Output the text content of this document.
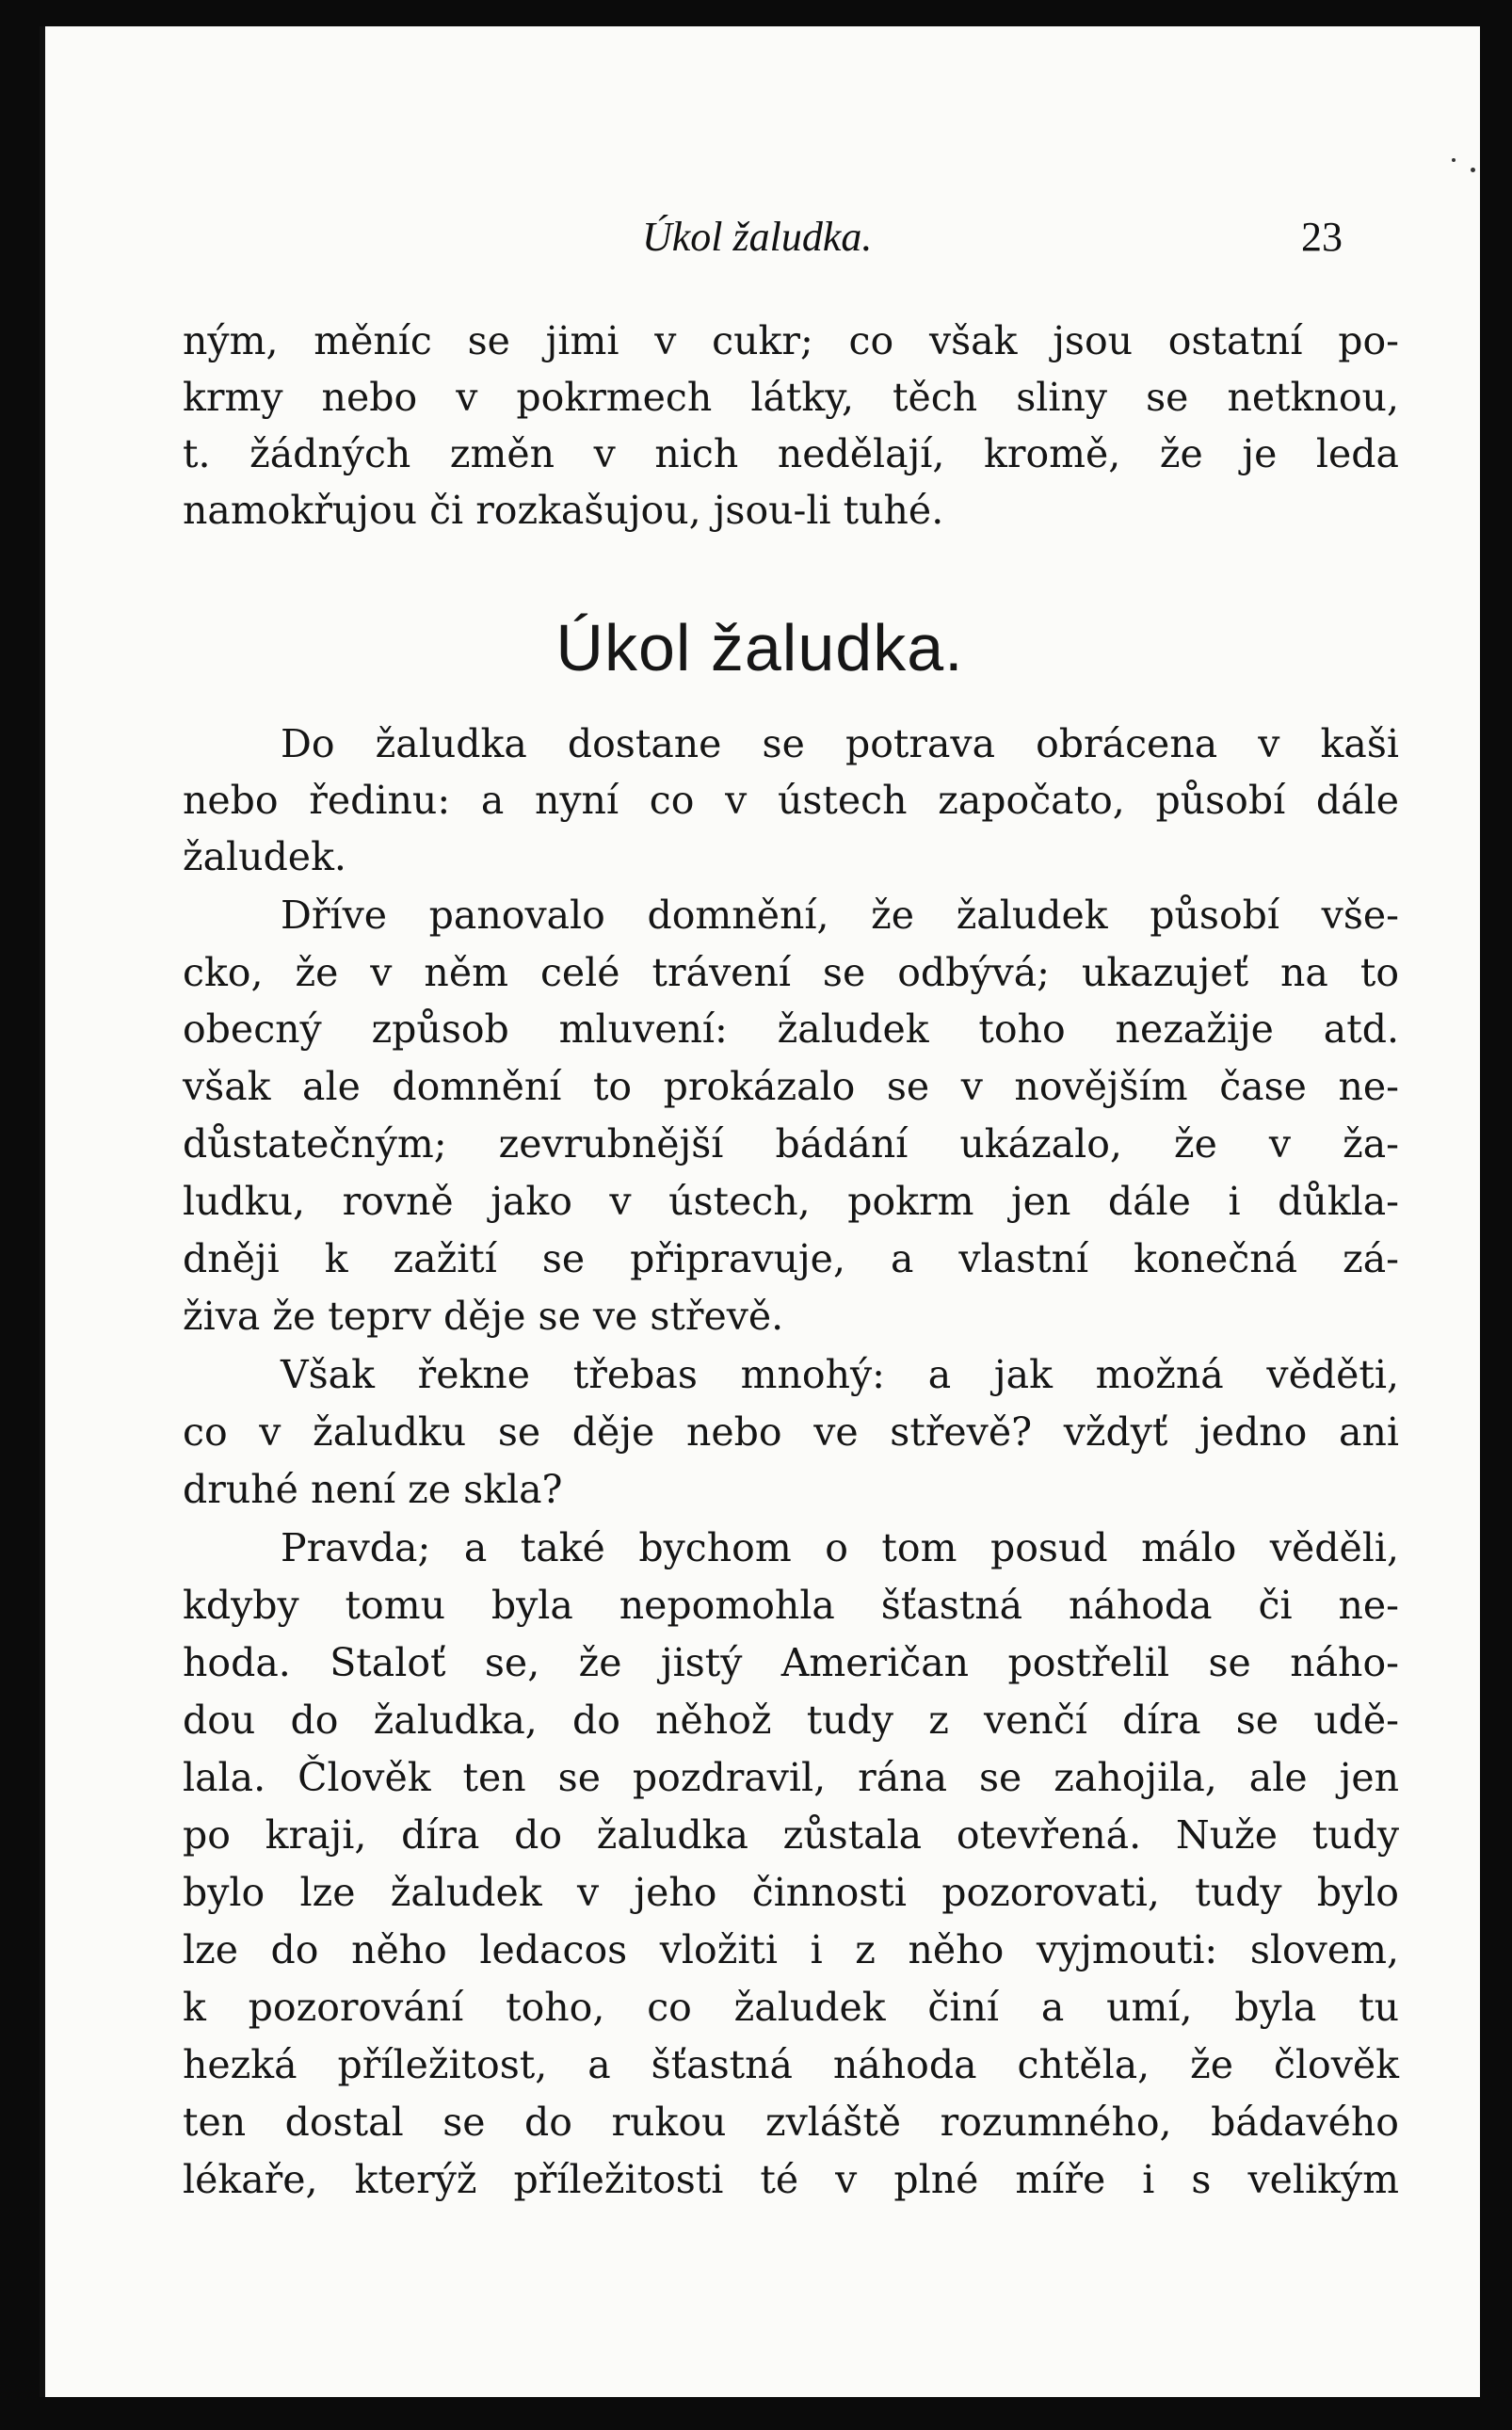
Úkol žaludka.	23
ným, měníc se jimi v cukr; co však jsou ostatní po-
krmy nebo v pokrmech látky, těch sliny se netknou,
t. žádných změn v nich nedělají, kromě, že je leda
namokřujou či rozkašujou, jsou-li tuhé.
Úkol žaludka.
Do žaludka dostane se potrava obrácena v kaši
nebo ředinu: a nyní co v ústech započato, působí dále
žaludek.
Dříve panovalo domnění, že žaludek působí vše-
cko, že v něm celé trávení se odbývá; ukazujeť na to
obecný způsob mluvení: žaludek toho nezažije atd.
však ale domnění to prokázalo se v novějším čase ne-
důstatečným; zevrubnější bádání ukázalo, že v ža-
ludku, rovně jako v ústech, pokrm jen dále i důkla-
dněji k zažití se připravuje, a vlastní konečná zá-
živa že teprv děje se ve střevě.
Však řekne třebas mnohý: a jak možná věděti,
co v žaludku se děje nebo ve střevě? vždyť jedno ani
druhé není ze skla?
Pravda; a také bychom o tom posud málo věděli,
kdyby tomu byla nepomohla šťastná náhoda či ne-
hoda. Staloť se, že jistý Američan postřelil se náho-
dou do žaludka, do něhož tudy z venčí díra se udě-
lala. Člověk ten se pozdravil, rána se zahojila, ale jen
po kraji, díra do žaludka zůstala otevřená. Nuže tudy
bylo lze žaludek v jeho činnosti pozorovati, tudy bylo
lze do něho ledacos vložiti i z něho vyjmouti: slovem,
k pozorování toho, co žaludek činí a umí, byla tu
hezká příležitost, a šťastná náhoda chtěla, že člověk
ten dostal se do rukou zvláště rozumného, bádavého
lékaře, kterýž příležitosti té v plné míře i s velikým
